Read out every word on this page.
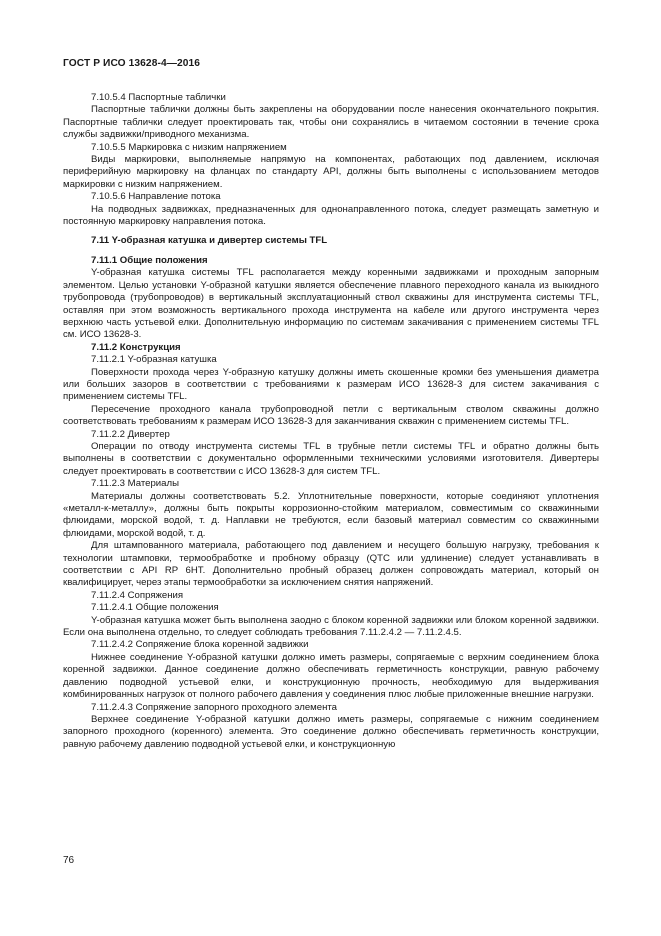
ГОСТ Р ИСО 13628-4—2016

7.10.5.4 Паспортные таблички

Паспортные таблички должны быть закреплены на оборудовании после нанесения окончательного покрытия. Паспортные таблички следует проектировать так, чтобы они сохранялись в читаемом состоянии в течение срока службы задвижки/приводного механизма.

7.10.5.5 Маркировка с низким напряжением

Виды маркировки, выполняемые напрямую на компонентах, работающих под давлением, исключая периферийную маркировку на фланцах по стандарту API, должны быть выполнены с использованием методов маркировки с низким напряжением.

7.10.5.6 Направление потока

На подводных задвижках, предназначенных для однонаправленного потока, следует размещать заметную и постоянную маркировку направления потока.

7.11 Y-образная катушка и дивертер системы TFL

7.11.1 Общие положения

Y-образная катушка системы TFL располагается между коренными задвижками и проходным запорным элементом. Целью установки Y-образной катушки является обеспечение плавного переходного канала из выкидного трубопровода (трубопроводов) в вертикальный эксплуатационный ствол скважины для инструмента системы TFL, оставляя при этом возможность вертикального прохода инструмента на кабеле или другого инструмента через верхнюю часть устьевой елки. Дополнительную информацию по системам закачивания с применением системы TFL см. ИСО 13628-3.

7.11.2 Конструкция

7.11.2.1 Y-образная катушка

Поверхности прохода через Y-образную катушку должны иметь скошенные кромки без уменьшения диаметра или больших зазоров в соответствии с требованиями к размерам ИСО 13628-3 для систем закачивания с применением системы TFL.

Пересечение проходного канала трубопроводной петли с вертикальным стволом скважины должно соответствовать требованиям к размерам ИСО 13628-3 для заканчивания скважин с применением системы TFL.

7.11.2.2 Дивертер

Операции по отводу инструмента системы TFL в трубные петли системы TFL и обратно должны быть выполнены в соответствии с документально оформленными техническими условиями изготовителя. Дивертеры следует проектировать в соответствии с ИСО 13628-3 для систем TFL.

7.11.2.3 Материалы

Материалы должны соответствовать 5.2. Уплотнительные поверхности, которые соединяют уплотнения «металл-к-металлу», должны быть покрыты коррозионно-стойким материалом, совместимым со скважинными флюидами, морской водой, т. д. Наплавки не требуются, если базовый материал совместим со скважинными флюидами, морской водой, т. д.

Для штампованного материала, работающего под давлением и несущего большую нагрузку, требования к технологии штамповки, термообработке и пробному образцу (QTC или удлинение) следует устанавливать в соответствии с API RP 6HT. Дополнительно пробный образец должен сопровождать материал, который он квалифицирует, через этапы термообработки за исключением снятия напряжений.

7.11.2.4 Сопряжения

7.11.2.4.1 Общие положения

Y-образная катушка может быть выполнена заодно с блоком коренной задвижки или блоком коренной задвижки. Если она выполнена отдельно, то следует соблюдать требования 7.11.2.4.2 — 7.11.2.4.5.

7.11.2.4.2 Сопряжение блока коренной задвижки

Нижнее соединение Y-образной катушки должно иметь размеры, сопрягаемые с верхним соединением блока коренной задвижки. Данное соединение должно обеспечивать герметичность конструкции, равную рабочему давлению подводной устьевой елки, и конструкционную прочность, необходимую для выдерживания комбинированных нагрузок от полного рабочего давления у соединения плюс любые приложенные внешние нагрузки.

7.11.2.4.3 Сопряжение запорного проходного элемента

Верхнее соединение Y-образной катушки должно иметь размеры, сопрягаемые с нижним соединением запорного проходного (коренного) элемента. Это соединение должно обеспечивать герметичность конструкции, равную рабочему давлению подводной устьевой елки, и конструкционную

76
